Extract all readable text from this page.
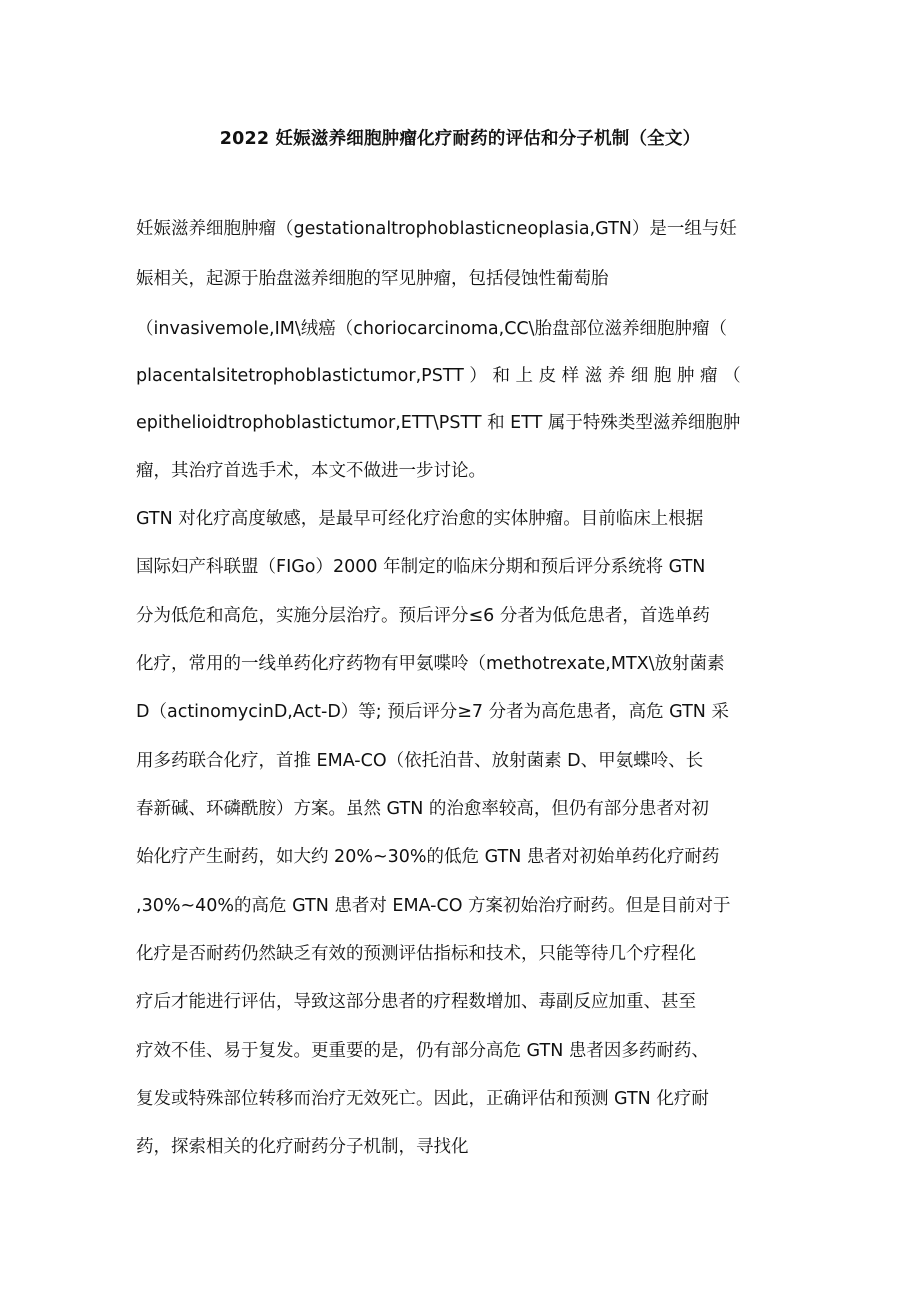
2022 妊娠滋养细胞肿瘤化疗耐药的评估和分子机制（全文）
妊娠滋养细胞肿瘤（gestationaltrophoblasticneoplasia,GTN）是一组与妊
娠相关，起源于胎盘滋养细胞的罕见肿瘤，包括侵蚀性葡萄胎
（invasivemole,IM\绒癌（choriocarcinoma,CC\胎盘部位滋养细胞肿瘤（
placentalsitetrophoblastictumor,PSTT ） 和 上 皮 样 滋 养 细 胞 肿 瘤 （
epithelioidtrophoblastictumor,ETT\PSTT 和 ETT 属于特殊类型滋养细胞肿
瘤，其治疗首选手术，本文不做进一步讨论。
GTN 对化疗高度敏感，是最早可经化疗治愈的实体肿瘤。目前临床上根据
国际妇产科联盟（FIGo）2000 年制定的临床分期和预后评分系统将 GTN
分为低危和高危，实施分层治疗。预后评分≤6 分者为低危患者，首选单药
化疗，常用的一线单药化疗药物有甲氨喋呤（methotrexate,MTX\放射菌素
D（actinomycinD,Act-D）等; 预后评分≥7 分者为高危患者，高危 GTN 采
用多药联合化疗，首推 EMA-CO（依托泊昔、放射菌素 D、甲氨蝶呤、长
春新碱、环磷酰胺）方案。虽然 GTN 的治愈率较高，但仍有部分患者对初
始化疗产生耐药，如大约 20%~30%的低危 GTN 患者对初始单药化疗耐药
,30%~40%的高危 GTN 患者对 EMA-CO 方案初始治疗耐药。但是目前对于
化疗是否耐药仍然缺乏有效的预测评估指标和技术，只能等待几个疗程化
疗后才能进行评估，导致这部分患者的疗程数增加、毒副反应加重、甚至
疗效不佳、易于复发。更重要的是，仍有部分高危 GTN 患者因多药耐药、
复发或特殊部位转移而治疗无效死亡。因此，正确评估和预测 GTN 化疗耐
药，探索相关的化疗耐药分子机制，寻找化
